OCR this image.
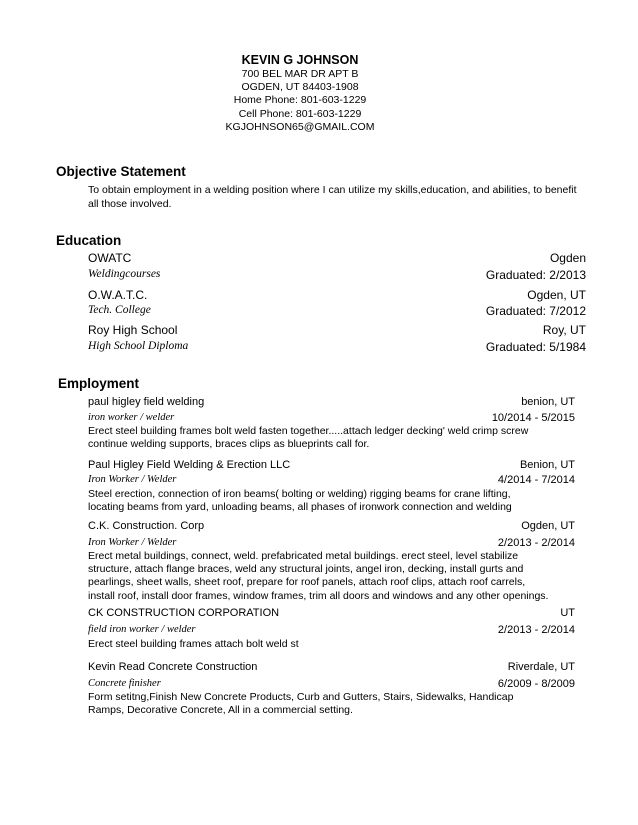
KEVIN G JOHNSON
700 BEL MAR DR APT B
OGDEN, UT 84403-1908
Home Phone: 801-603-1229
Cell Phone: 801-603-1229
KGJOHNSON65@GMAIL.COM
Objective Statement
To obtain employment in a welding position where I can utilize my skills,education, and abilities, to benefit
all those involved.
Education
OWATC	Ogden
Weldingcourses	Graduated: 2/2013
O.W.A.T.C.	Ogden, UT
Tech. College	Graduated: 7/2012
Roy High School	Roy, UT
High School Diploma	Graduated: 5/1984
Employment
paul higley field welding	benion, UT
iron worker / welder	10/2014 - 5/2015
Erect steel building frames bolt weld fasten together.....attach ledger decking' weld crimp screw
continue welding supports, braces clips as blueprints call for.
Paul Higley Field Welding & Erection LLC	Benion, UT
Iron Worker / Welder	4/2014 - 7/2014
Steel erection, connection of iron beams( bolting or welding) rigging beams for crane lifting,
locating beams from yard, unloading beams, all phases of ironwork connection and welding
C.K. Construction. Corp	Ogden, UT
Iron Worker / Welder	2/2013 - 2/2014
Erect metal buildings, connect, weld. prefabricated metal buildings. erect steel, level stabilize
structure, attach flange braces, weld any structural joints, angel iron, decking, install gurts and
pearlings, sheet walls, sheet roof, prepare for roof panels, attach roof clips, attach roof carrels,
install roof, install door frames, window frames, trim all doors and windows and any other openings.
CK CONSTRUCTION CORPORATION	UT
field iron worker / welder	2/2013 - 2/2014
Erect steel building frames attach bolt weld st
Kevin Read Concrete Construction	Riverdale, UT
Concrete finisher	6/2009 - 8/2009
Form setitng,Finish New Concrete Products, Curb and Gutters, Stairs, Sidewalks, Handicap
Ramps, Decorative Concrete, All in a commercial setting.
